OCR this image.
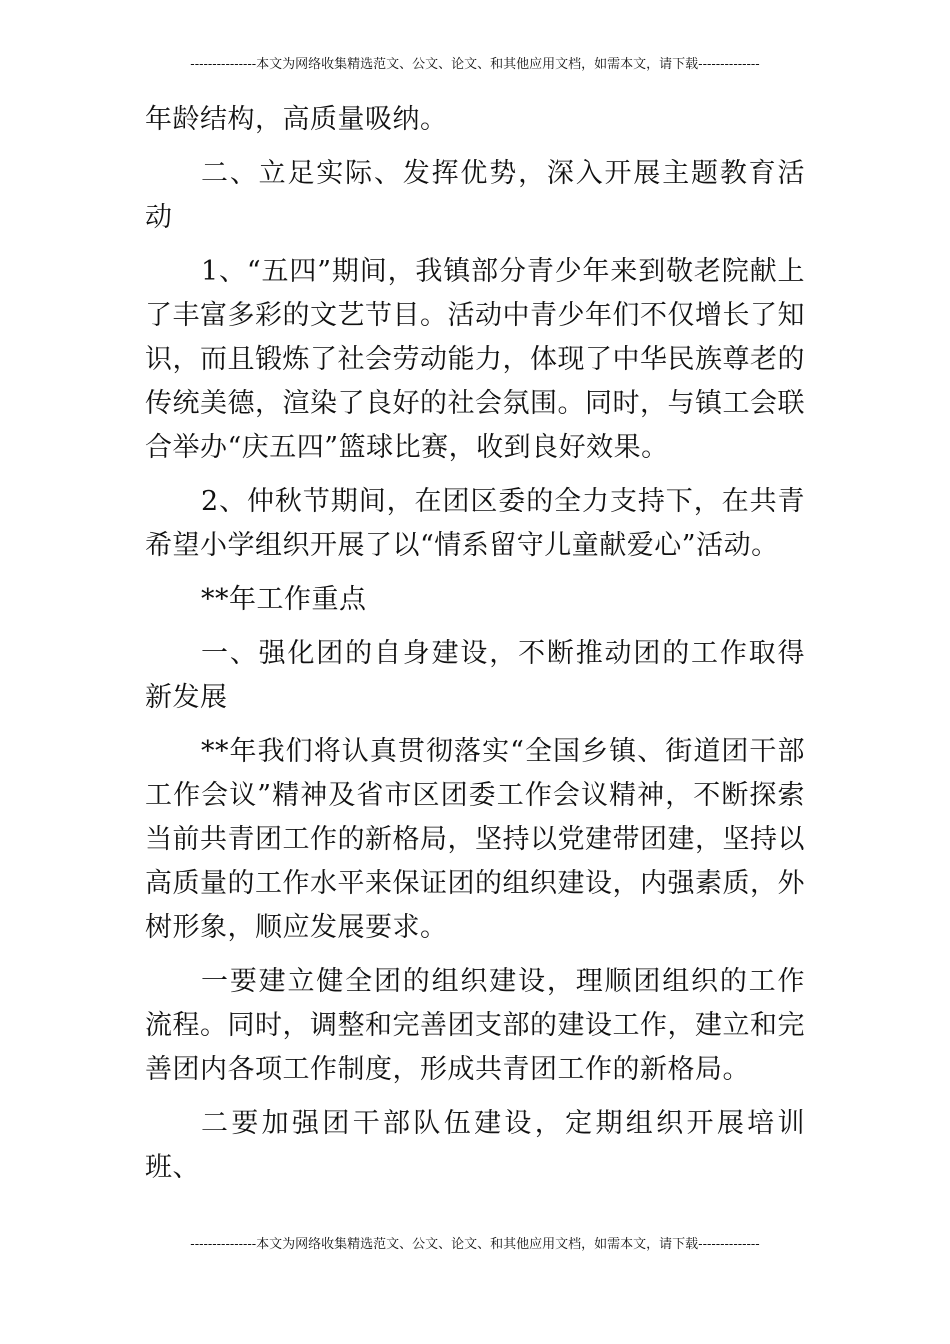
---------------本文为网络收集精选范文、公文、论文、和其他应用文档，如需本文，请下载--------------

年龄结构，高质量吸纳。

二、立足实际、发挥优势，深入开展主题教育活动

1、“五四”期间，我镇部分青少年来到敬老院献上了丰富多彩的文艺节目。活动中青少年们不仅增长了知识，而且锻炼了社会劳动能力，体现了中华民族尊老的传统美德，渲染了良好的社会氛围。同时，与镇工会联合举办“庆五四”篮球比赛，收到良好效果。

2、仲秋节期间，在团区委的全力支持下，在共青希望小学组织开展了以“情系留守儿童献爱心”活动。

**年工作重点

一、强化团的自身建设，不断推动团的工作取得新发展

**年我们将认真贯彻落实“全国乡镇、街道团干部工作会议”精神及省市区团委工作会议精神，不断探索当前共青团工作的新格局，坚持以党建带团建，坚持以高质量的工作水平来保证团的组织建设，内强素质，外树形象，顺应发展要求。

一要建立健全团的组织建设，理顺团组织的工作流程。同时，调整和完善团支部的建设工作，建立和完善团内各项工作制度，形成共青团工作的新格局。

二要加强团干部队伍建设，定期组织开展培训班、

---------------本文为网络收集精选范文、公文、论文、和其他应用文档，如需本文，请下载--------------
